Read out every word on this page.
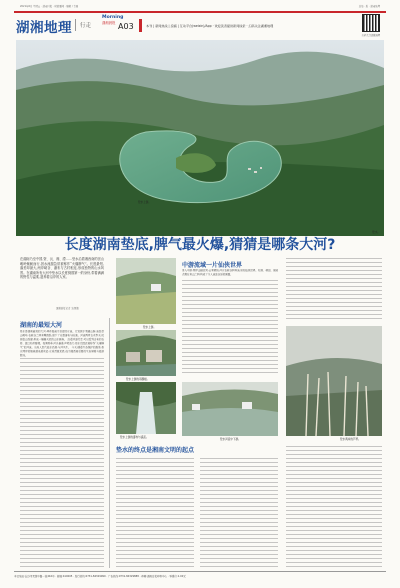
2021年6月 星期五 · 湖南日报 · 时政要闻 · 编辑 / 美编	总第 · 版 · 湖南地理
湖湘地理 行走
Morning
潇湘晨报 A03	本刊 | 新闻热线 | 投稿 | 互动平台(weixin)/App · 欢迎读者提供新闻线索 · 扫码关注湖湘地理
扫码关注湖湘地理
垫水上游。
垫水。
长度湖南垫底,脾气最火爆,猜猜是哪条大河?
在湖南乃至中国,资、沅、湘、澧……垫水沿着湘西南的崇山峻岭蜿蜒而行,因水流湍急常被称作“火爆脾气”。长度最短,落差却最大,两岸峡谷、瀑布与古村相连,形成独特的山水风景。在湖南所有大河中垫水以长度倒数第一的身份,带着满满的野性与温柔,滋养着沿岸的人家。
潇湘晨报记者 文/摄影
垫水上游。
垫水上游的吊脚楼。
中游流域一片仙侠世界
进入中游,两岸山峰高耸,云雾缭绕,河水在峡谷间奔流,宛如仙侠世界。村落、梯田、茶园点缀在青山之间,构成了令人流连忘返的画面。
垫水两岸的芦苇。
湖南的最短大河
垫水是湖南最短的大河,却有着最为急促的水流。它发源于雪峰山脉,流经崇山峻岭,在峡谷之间奔腾跳跃,留下了无数瀑布与险滩。河流两岸古木参天,民居依山而建,形成一幅幅天然的山水画卷。 沿着河道行走,可以看到古老的石桥、渡口和吊脚楼。每逢雨季,河水暴涨,声势浩大,垫水也因此被称作“火爆脾气”的河流。当地人世代临水而居,与河共生。 今天,随着生态保护的推进,垫水两岸的植被越来越茂密,水质清澈见底,成为湘西南重要的生态屏障与旅游胜地。
垫水上游的瀑布与溪流。
垫水河流中下游。
垫水的终点是湘南文明的起点
本社地址:长沙市芙蓉中路一段442号 · 邮编:410005 · 发行热线:0731-84329999 · 广告热线:0731-84329888 · 印刷:湖南日报印务中心 · 零售价:1.00元
